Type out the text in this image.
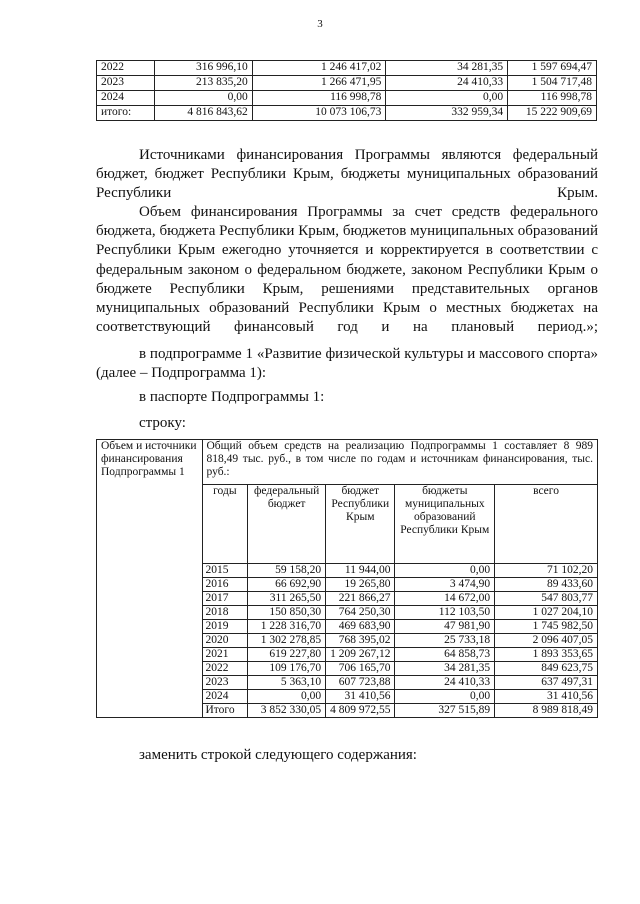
3
2022	316 996,10	1 246 417,02	34 281,35	1 597 694,47
2023	213 835,20	1 266 471,95	24 410,33	1 504 717,48
2024	0,00	116 998,78	0,00	116 998,78
итого:	4 816 843,62	10 073 106,73	332 959,34	15 222 909,69

Источниками финансирования Программы являются федеральный бюджет, бюджет Республики Крым, бюджеты муниципальных образований Республики Крым.

Объем финансирования Программы за счет средств федерального бюджета, бюджета Республики Крым, бюджетов муниципальных образований Республики Крым ежегодно уточняется и корректируется в соответствии с федеральным законом о федеральном бюджете, законом Республики Крым о бюджете Республики Крым, решениями представительных органов муниципальных образований Республики Крым о местных бюджетах на соответствующий финансовый год и на плановый период.»;

в подпрограмме 1 «Развитие физической культуры и массового спорта» (далее – Подпрограмма 1):

в паспорте Подпрограммы 1:

строку:

Объем и источники финансирования Подпрограммы 1	Общий объем средств на реализацию Подпрограммы 1 составляет 8 989 818,49 тыс. руб., в том числе по годам и источникам финансирования, тыс. руб.:				
	годы	федеральный бюджет	бюджет Республики Крым	бюджеты муниципальных образований Республики Крым	всего
	2015	59 158,20	11 944,00	0,00	71 102,20
	2016	66 692,90	19 265,80	3 474,90	89 433,60
	2017	311 265,50	221 866,27	14 672,00	547 803,77
	2018	150 850,30	764 250,30	112 103,50	1 027 204,10
	2019	1 228 316,70	469 683,90	47 981,90	1 745 982,50
	2020	1 302 278,85	768 395,02	25 733,18	2 096 407,05
	2021	619 227,80	1 209 267,12	64 858,73	1 893 353,65
	2022	109 176,70	706 165,70	34 281,35	849 623,75
	2023	5 363,10	607 723,88	24 410,33	637 497,31
	2024	0,00	31 410,56	0,00	31 410,56
	Итого	3 852 330,05	4 809 972,55	327 515,89	8 989 818,49

заменить строкой следующего содержания:
